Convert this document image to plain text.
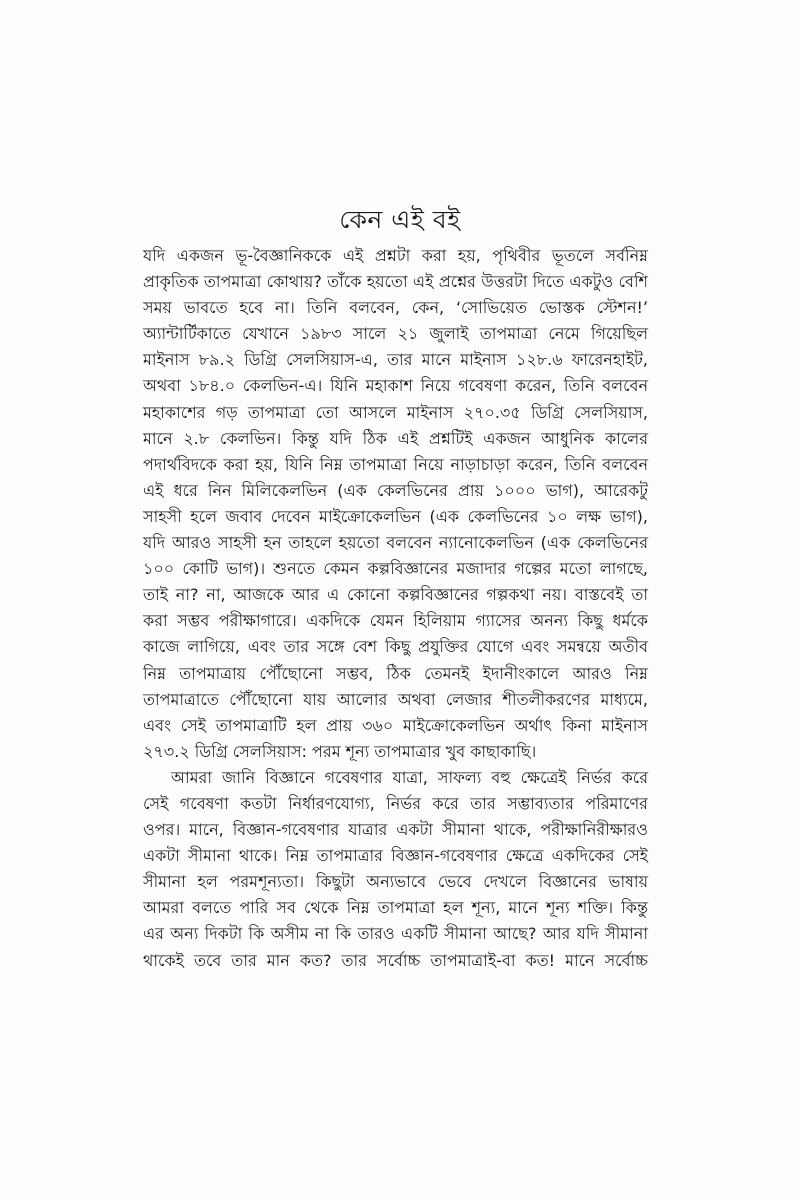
কেন এই বই
যদি একজন ভূ-বৈজ্ঞানিককে এই প্রশ্নটা করা হয়, পৃথিবীর ভূতলে সর্বনিম্ন
প্রাকৃতিক তাপমাত্রা কোথায়? তাঁকে হয়তো এই প্রশ্নের উত্তরটা দিতে একটুও বেশি
সময় ভাবতে হবে না। তিনি বলবেন, কেন, ‘সোভিয়েত ভোস্তক স্টেশন!’
অ্যান্টার্টিকাতে যেখানে ১৯৮৩ সালে ২১ জুলাই তাপমাত্রা নেমে গিয়েছিল
মাইনাস ৮৯.২ ডিগ্রি সেলসিয়াস-এ, তার মানে মাইনাস ১২৮.৬ ফারেনহাইট,
অথবা ১৮৪.০ কেলভিন-এ। যিনি মহাকাশ নিয়ে গবেষণা করেন, তিনি বলবেন
মহাকাশের গড় তাপমাত্রা তো আসলে মাইনাস ২৭০.৩৫ ডিগ্রি সেলসিয়াস,
মানে ২.৮ কেলভিন। কিন্তু যদি ঠিক এই প্রশ্নটিই একজন আধুনিক কালের
পদার্থবিদকে করা হয়, যিনি নিম্ন তাপমাত্রা নিয়ে নাড়াচাড়া করেন, তিনি বলবেন
এই ধরে নিন মিলিকেলভিন (এক কেলভিনের প্রায় ১০০০ ভাগ), আরেকটু
সাহসী হলে জবাব দেবেন মাইক্রোকেলভিন (এক কেলভিনের ১০ লক্ষ ভাগ),
যদি আরও সাহসী হন তাহলে হয়তো বলবেন ন্যানোকেলভিন (এক কেলভিনের
১০০ কোটি ভাগ)। শুনতে কেমন কল্পবিজ্ঞানের মজাদার গল্পের মতো লাগছে,
তাই না? না, আজকে আর এ কোনো কল্পবিজ্ঞানের গল্পকথা নয়। বাস্তবেই তা
করা সম্ভব পরীক্ষাগারে। একদিকে যেমন হিলিয়াম গ্যাসের অনন্য কিছু ধর্মকে
কাজে লাগিয়ে, এবং তার সঙ্গে বেশ কিছু প্রযুক্তির যোগে এবং সমন্বয়ে অতীব
নিম্ন তাপমাত্রায় পৌঁছোনো সম্ভব, ঠিক তেমনই ইদানীংকালে আরও নিম্ন
তাপমাত্রাতে পৌঁছোনো যায় আলোর অথবা লেজার শীতলীকরণের মাধ্যমে,
এবং সেই তাপমাত্রাটি হল প্রায় ৩৬০ মাইক্রোকেলভিন অর্থাৎ কিনা মাইনাস
২৭৩.২ ডিগ্রি সেলসিয়াস: পরম শূন্য তাপমাত্রার খুব কাছাকাছি।
আমরা জানি বিজ্ঞানে গবেষণার যাত্রা, সাফল্য বহু ক্ষেত্রেই নির্ভর করে
সেই গবেষণা কতটা নির্ধারণযোগ্য, নির্ভর করে তার সম্ভাব্যতার পরিমাণের
ওপর। মানে, বিজ্ঞান-গবেষণার যাত্রার একটা সীমানা থাকে, পরীক্ষানিরীক্ষারও
একটা সীমানা থাকে। নিম্ন তাপমাত্রার বিজ্ঞান-গবেষণার ক্ষেত্রে একদিকের সেই
সীমানা হল পরমশূন্যতা। কিছুটা অন্যভাবে ভেবে দেখলে বিজ্ঞানের ভাষায়
আমরা বলতে পারি সব থেকে নিম্ন তাপমাত্রা হল শূন্য, মানে শূন্য শক্তি। কিন্তু
এর অন্য দিকটা কি অসীম না কি তারও একটি সীমানা আছে? আর যদি সীমানা
থাকেই তবে তার মান কত? তার সর্বোচ্চ তাপমাত্রাই-বা কত! মানে সর্বোচ্চ
